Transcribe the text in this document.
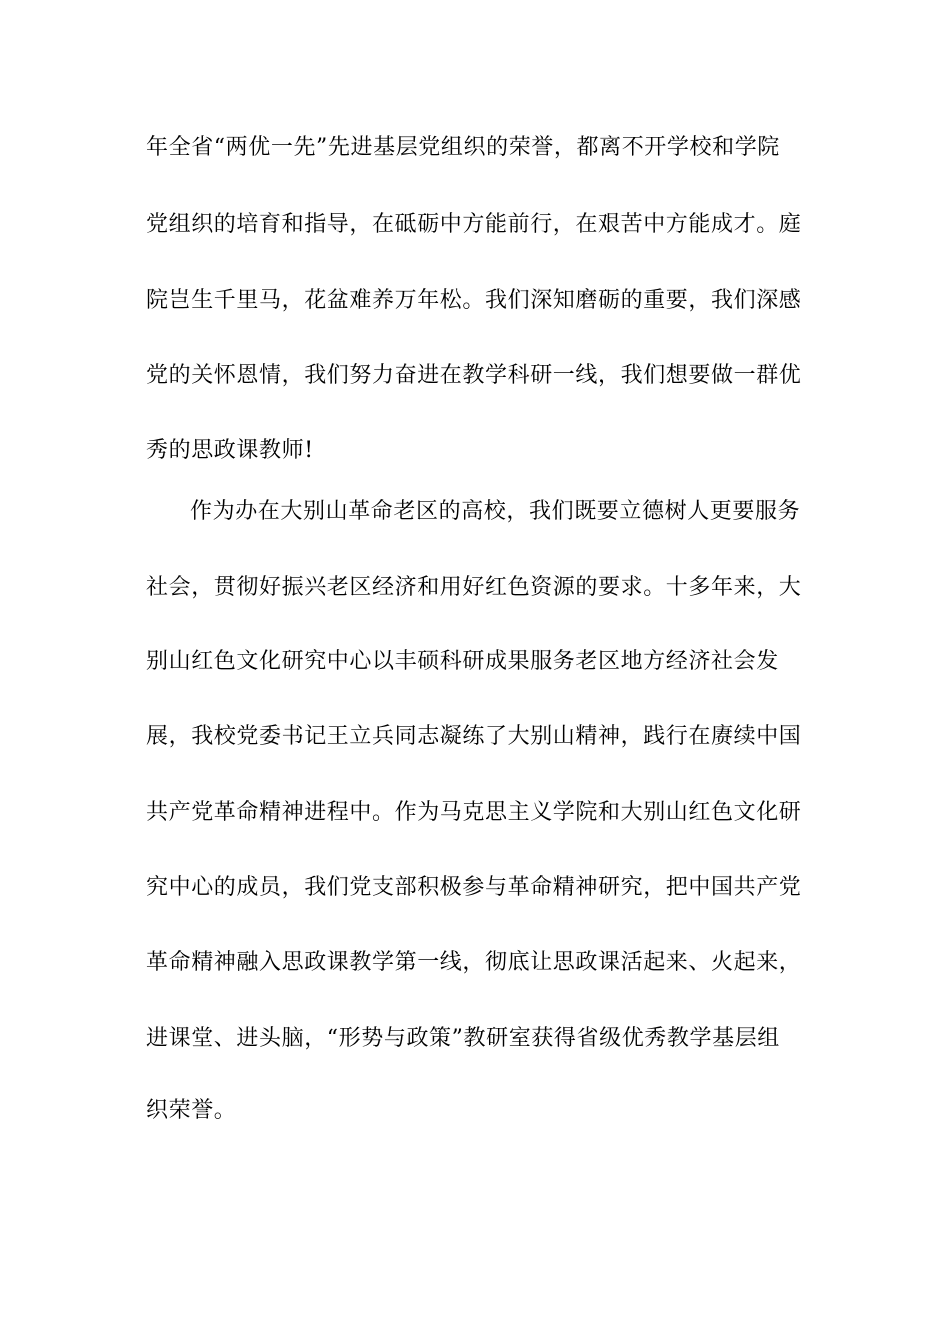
年全省“两优一先”先进基层党组织的荣誉，都离不开学校和学院
党组织的培育和指导，在砥砺中方能前行，在艰苦中方能成才。庭
院岂生千里马，花盆难养万年松。我们深知磨砺的重要，我们深感
党的关怀恩情，我们努力奋进在教学科研一线，我们想要做一群优
秀的思政课教师!
作为办在大别山革命老区的高校，我们既要立德树人更要服务
社会，贯彻好振兴老区经济和用好红色资源的要求。十多年来，大
别山红色文化研究中心以丰硕科研成果服务老区地方经济社会发
展，我校党委书记王立兵同志凝练了大别山精神，践行在赓续中国
共产党革命精神进程中。作为马克思主义学院和大别山红色文化研
究中心的成员，我们党支部积极参与革命精神研究，把中国共产党
革命精神融入思政课教学第一线，彻底让思政课活起来、火起来，
进课堂、进头脑，“形势与政策”教研室获得省级优秀教学基层组
织荣誉。
